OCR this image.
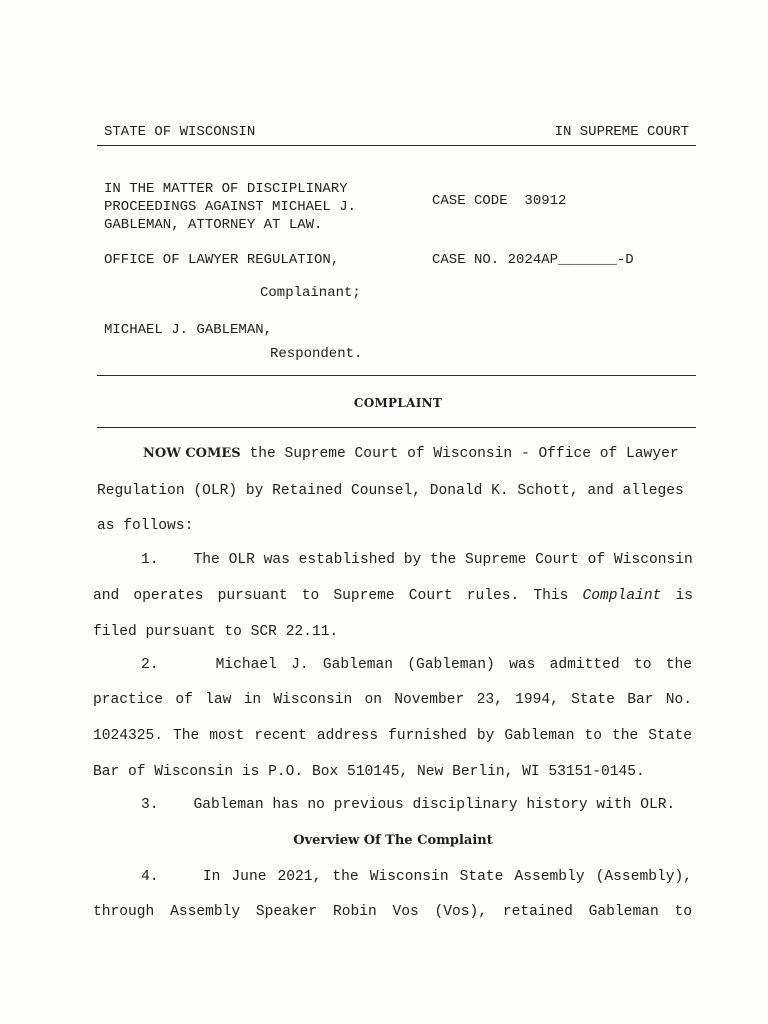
STATE OF WISCONSIN	IN SUPREME COURT
IN THE MATTER OF DISCIPLINARY
PROCEEDINGS AGAINST MICHAEL J.
GABLEMAN, ATTORNEY AT LAW.
CASE CODE  30912
OFFICE OF LAWYER REGULATION,	CASE NO. 2024AP_______-D
Complainant;
MICHAEL J. GABLEMAN,
Respondent.
COMPLAINT
NOW COMES the Supreme Court of Wisconsin - Office of Lawyer
Regulation (OLR) by Retained Counsel, Donald K. Schott, and alleges
as follows:
1.    The OLR was established by the Supreme Court of Wisconsin
and operates pursuant to Supreme Court rules. This Complaint is
filed pursuant to SCR 22.11.
2.    Michael J. Gableman (Gableman) was admitted to the
practice of law in Wisconsin on November 23, 1994, State Bar No.
1024325. The most recent address furnished by Gableman to the State
Bar of Wisconsin is P.O. Box 510145, New Berlin, WI 53151-0145.
3.    Gableman has no previous disciplinary history with OLR.
Overview Of The Complaint
4.    In June 2021, the Wisconsin State Assembly (Assembly),
through Assembly Speaker Robin Vos (Vos), retained Gableman to
